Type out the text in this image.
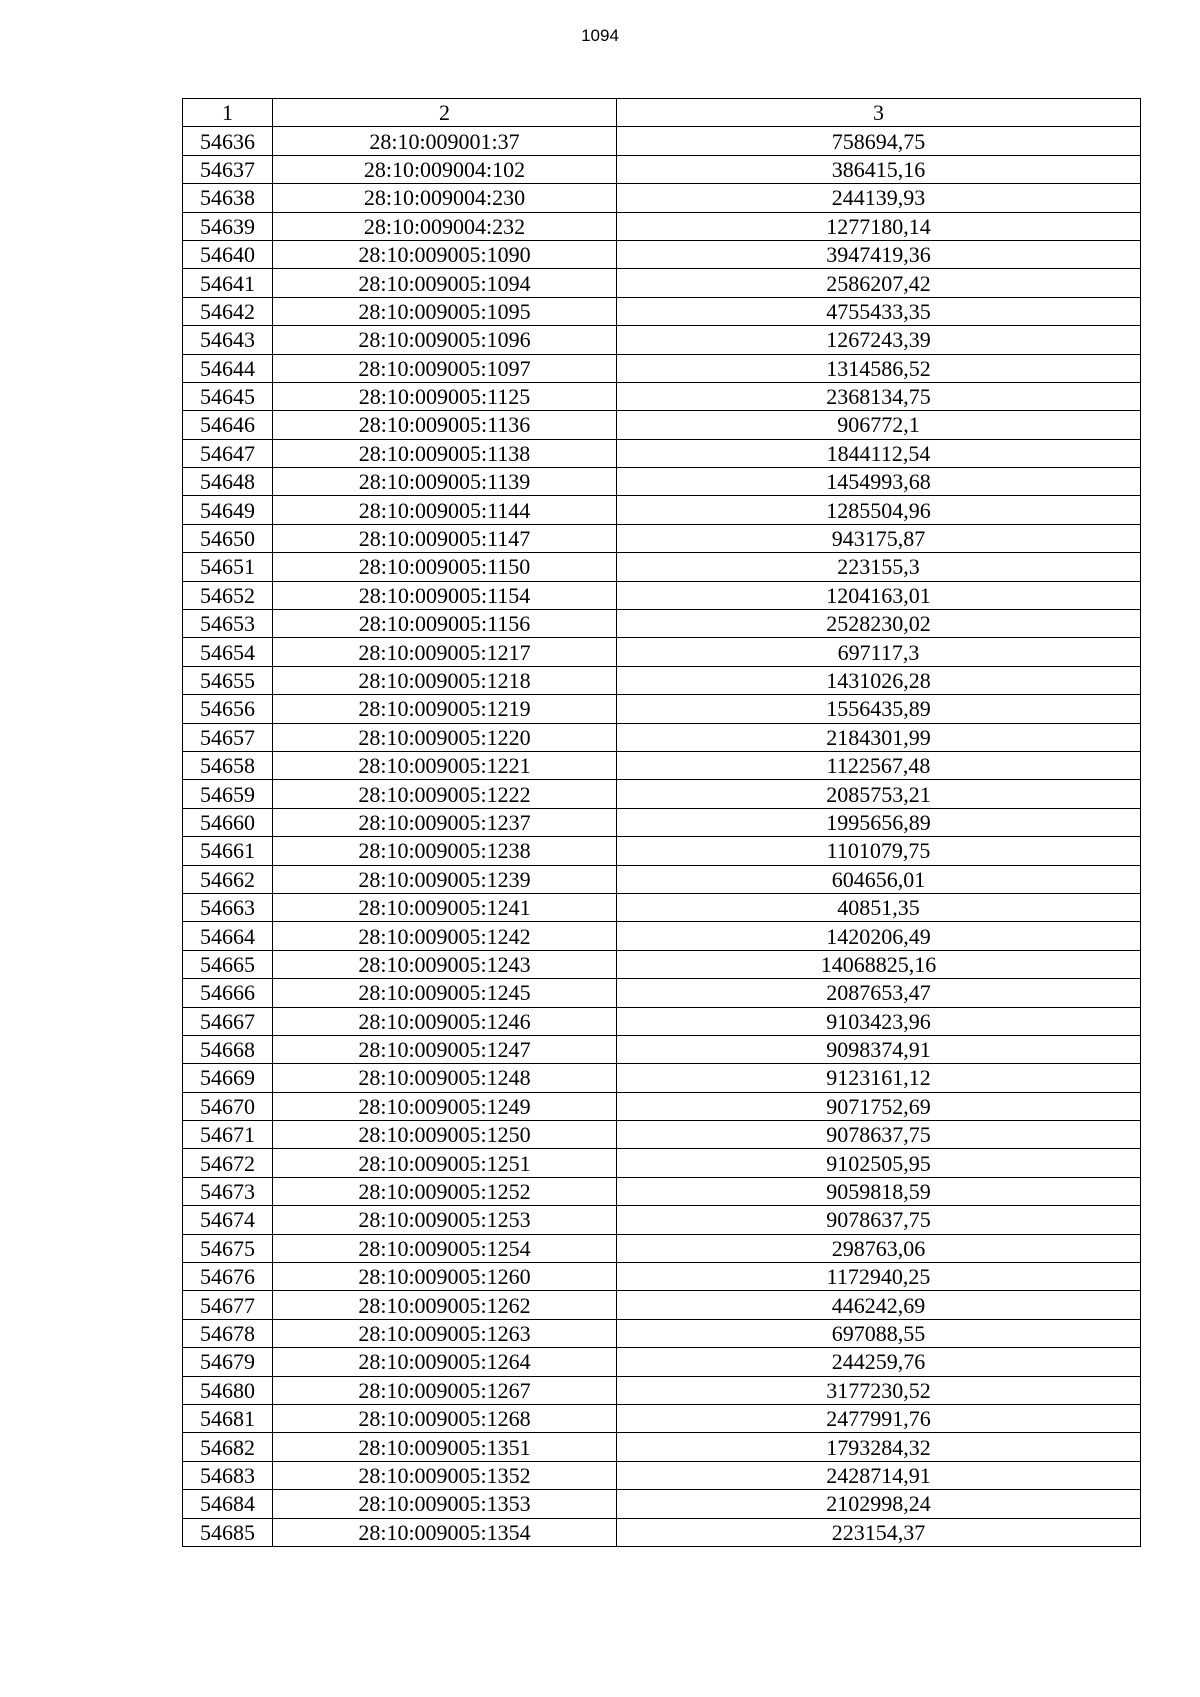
1094
1	2	3
54636	28:10:009001:37	758694,75
54637	28:10:009004:102	386415,16
54638	28:10:009004:230	244139,93
54639	28:10:009004:232	1277180,14
54640	28:10:009005:1090	3947419,36
54641	28:10:009005:1094	2586207,42
54642	28:10:009005:1095	4755433,35
54643	28:10:009005:1096	1267243,39
54644	28:10:009005:1097	1314586,52
54645	28:10:009005:1125	2368134,75
54646	28:10:009005:1136	906772,1
54647	28:10:009005:1138	1844112,54
54648	28:10:009005:1139	1454993,68
54649	28:10:009005:1144	1285504,96
54650	28:10:009005:1147	943175,87
54651	28:10:009005:1150	223155,3
54652	28:10:009005:1154	1204163,01
54653	28:10:009005:1156	2528230,02
54654	28:10:009005:1217	697117,3
54655	28:10:009005:1218	1431026,28
54656	28:10:009005:1219	1556435,89
54657	28:10:009005:1220	2184301,99
54658	28:10:009005:1221	1122567,48
54659	28:10:009005:1222	2085753,21
54660	28:10:009005:1237	1995656,89
54661	28:10:009005:1238	1101079,75
54662	28:10:009005:1239	604656,01
54663	28:10:009005:1241	40851,35
54664	28:10:009005:1242	1420206,49
54665	28:10:009005:1243	14068825,16
54666	28:10:009005:1245	2087653,47
54667	28:10:009005:1246	9103423,96
54668	28:10:009005:1247	9098374,91
54669	28:10:009005:1248	9123161,12
54670	28:10:009005:1249	9071752,69
54671	28:10:009005:1250	9078637,75
54672	28:10:009005:1251	9102505,95
54673	28:10:009005:1252	9059818,59
54674	28:10:009005:1253	9078637,75
54675	28:10:009005:1254	298763,06
54676	28:10:009005:1260	1172940,25
54677	28:10:009005:1262	446242,69
54678	28:10:009005:1263	697088,55
54679	28:10:009005:1264	244259,76
54680	28:10:009005:1267	3177230,52
54681	28:10:009005:1268	2477991,76
54682	28:10:009005:1351	1793284,32
54683	28:10:009005:1352	2428714,91
54684	28:10:009005:1353	2102998,24
54685	28:10:009005:1354	223154,37
